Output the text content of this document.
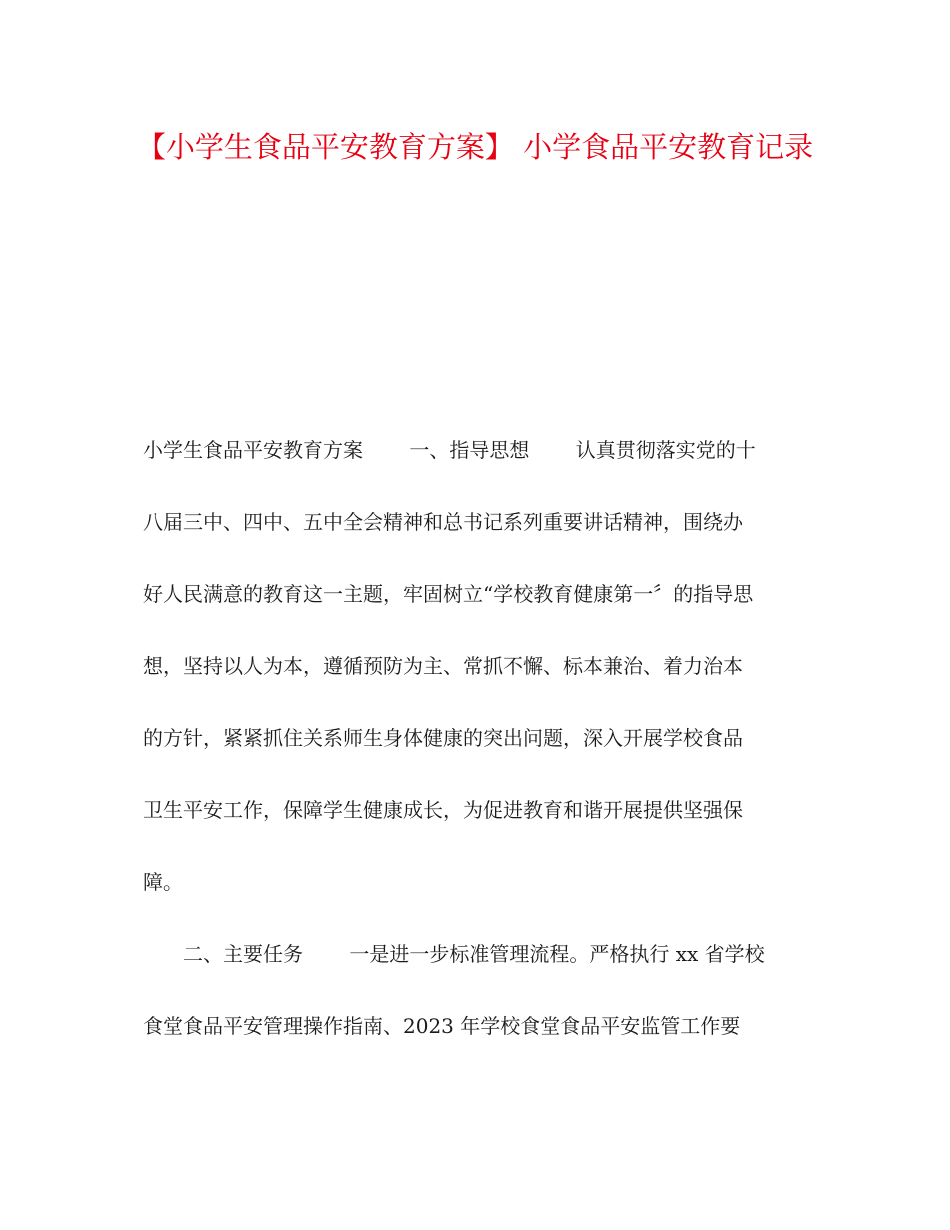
【小学生食品平安教育方案】 小学食品平安教育记录
小学生食品平安教育方案　　 一、指导思想　　 认真贯彻落实党的十
八届三中、四中、五中全会精神和总书记系列重要讲话精神，围绕办
好人民满意的教育这一主题，牢固树立“学校教育健康第一〞的指导思
想，坚持以人为本，遵循预防为主、常抓不懈、标本兼治、着力治本
的方针，紧紧抓住关系师生身体健康的突出问题，深入开展学校食品
卫生平安工作，保障学生健康成长，为促进教育和谐开展提供坚强保
障。
　　二、主要任务　　 一是进一步标准管理流程。严格执行 xx 省学校
食堂食品平安管理操作指南、2023 年学校食堂食品平安监管工作要
